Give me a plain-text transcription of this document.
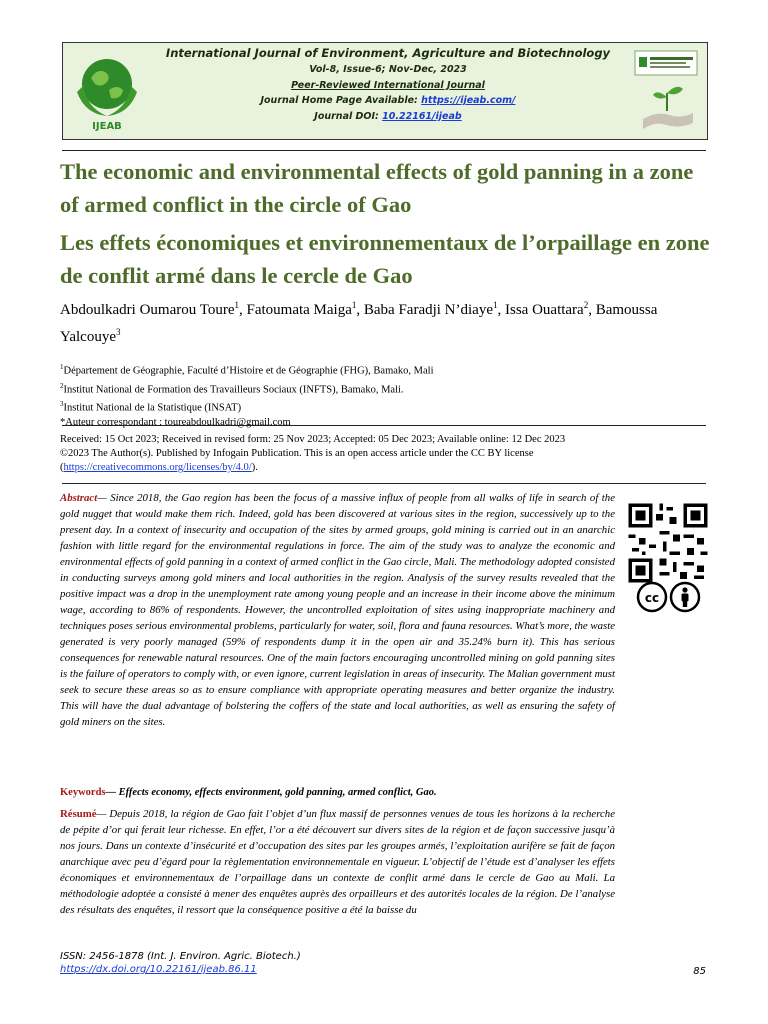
IJEAB
International Journal of Environment, Agriculture and Biotechnology
Vol-8, Issue-6; Nov-Dec, 2023
Peer-Reviewed International Journal
Journal Home Page Available: https://ijeab.com/
Journal DOI: 10.22161/ijeab
The economic and environmental effects of gold panning in a zone of armed conflict in the circle of Gao
Les effets économiques et environnementaux de l’orpaillage en zone de conflit armé dans le cercle de Gao
Abdoulkadri Oumarou Toure$^1$, Fatoumata Maiga$^1$, Baba Faradji N’diaye$^1$, Issa Ouattara$^2$, Bamoussa Yalcouye$^3$
$^1$Département de Géographie, Faculté d’Histoire et de Géographie (FHG), Bamako, Mali
$^2$Institut National de Formation des Travailleurs Sociaux (INFTS), Bamako, Mali.
$^3$Institut National de la Statistique (INSAT)
*Auteur correspondant : toureabdoulkadri@gmail.com
Received: 15 Oct 2023; Received in revised form: 25 Nov 2023; Accepted: 05 Dec 2023; Available online: 12 Dec 2023
©2023 The Author(s). Published by Infogain Publication. This is an open access article under the CC BY license
(https://creativecommons.org/licenses/by/4.0/).
Abstract— Since 2018, the Gao region has been the focus of a massive influx of people from all walks of life in search of the gold nugget that would make them rich. Indeed, gold has been discovered at various sites in the region, successively up to the present day. In a context of insecurity and occupation of the sites by armed groups, gold mining is carried out in an anarchic fashion with little regard for the environmental regulations in force. The aim of the study was to analyze the economic and environmental effects of gold panning in a context of armed conflict in the Gao circle, Mali. The methodology adopted consisted in conducting surveys among gold miners and local authorities in the region. Analysis of the survey results revealed that the positive impact was a drop in the unemployment rate among young people and an increase in their income above the minimum wage, according to 86% of respondents. However, the uncontrolled exploitation of sites using inappropriate machinery and techniques poses serious environmental problems, particularly for water, soil, flora and fauna resources. What’s more, the waste generated is very poorly managed (59% of respondents dump it in the open air and 35.24% burn it). This has serious consequences for renewable natural resources. One of the main factors encouraging uncontrolled mining on gold panning sites is the failure of operators to comply with, or even ignore, current legislation in areas of insecurity. The Malian government must seek to secure these areas so as to ensure compliance with appropriate operating measures and better organize the industry. This will have the dual advantage of bolstering the coffers of the state and local authorities, as well as ensuring the safety of gold miners on the sites.
cc
Keywords— Effects economy, effects environment, gold panning, armed conflict, Gao.
Résumé— Depuis 2018, la région de Gao fait l’objet d’un flux massif de personnes venues de tous les horizons à la recherche de pépite d’or qui ferait leur richesse. En effet, l’or a été découvert sur divers sites de la région et de façon successive jusqu’à nos jours. Dans un contexte d’insécurité et d’occupation des sites par les groupes armés, l’exploitation aurifère se fait de façon anarchique avec peu d’égard pour la règlementation environnementale en vigueur. L’objectif de l’étude est d’analyser les effets économiques et environnementaux de l’orpaillage dans un contexte de conflit armé dans le cercle de Gao au Mali. La méthodologie adoptée a consisté à mener des enquêtes auprès des orpailleurs et des autorités locales de la région. De l’analyse des résultats des enquêtes, il ressort que la conséquence positive a été la baisse du
ISSN: 2456-1878 (Int. J. Environ. Agric. Biotech.)
https://dx.doi.org/10.22161/ijeab.86.11	85
